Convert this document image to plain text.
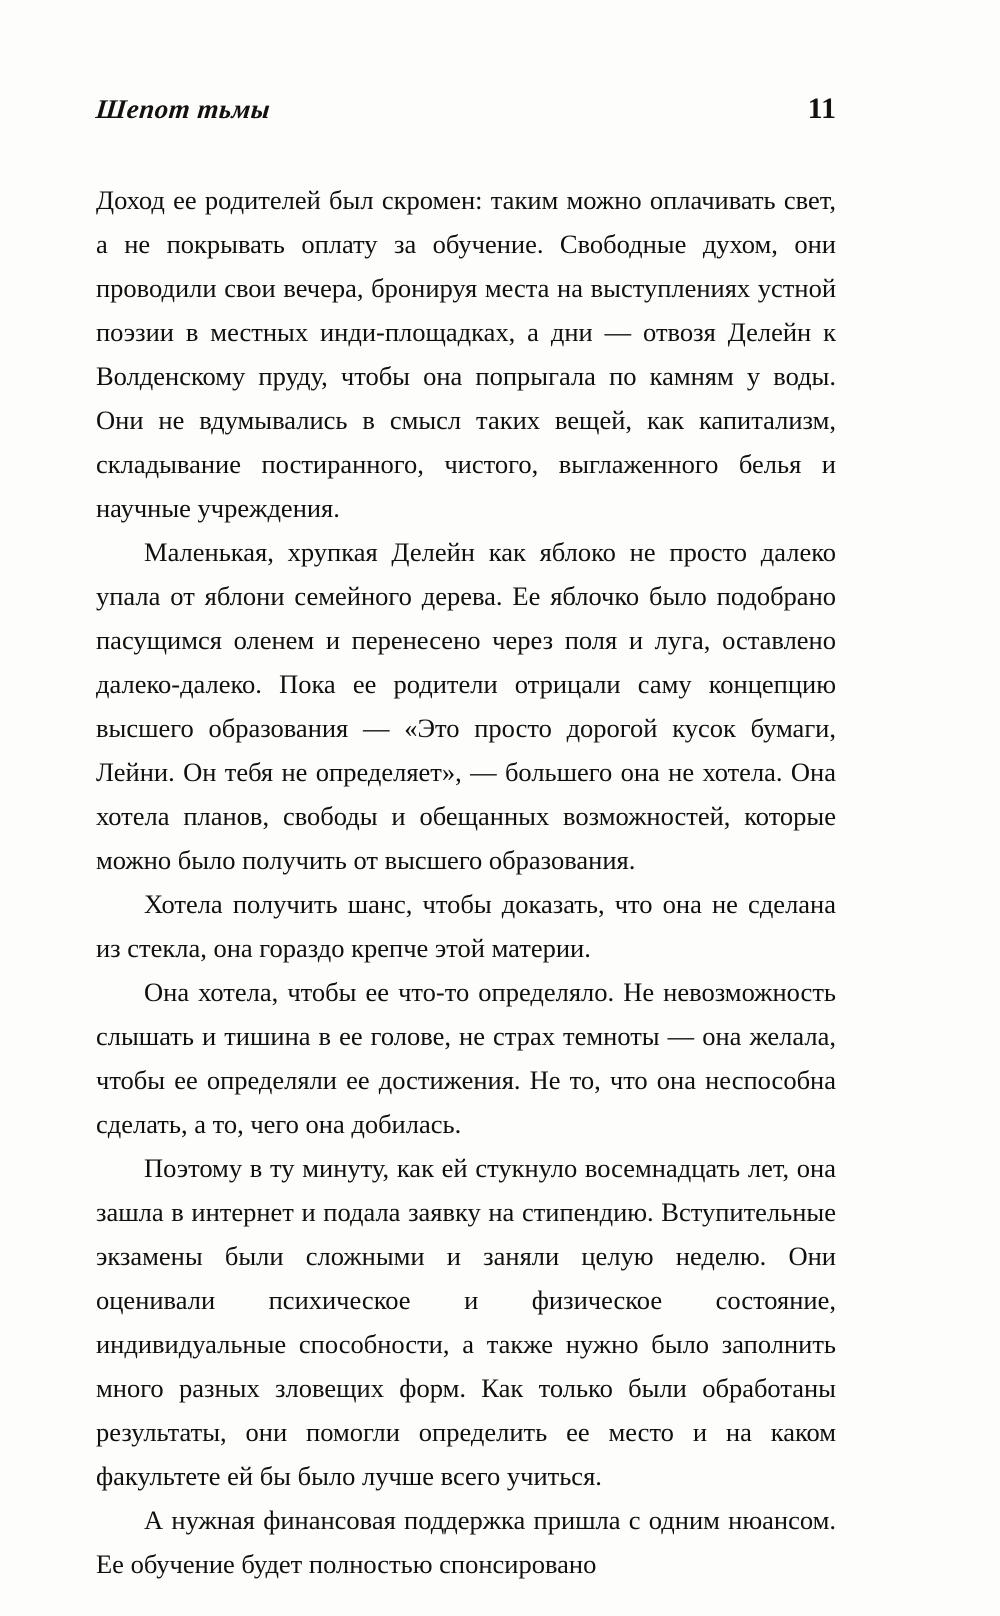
Шепот тьмы	11

Доход ее родителей был скромен: таким можно оплачивать свет, а не покрывать оплату за обучение. Свободные духом, они проводили свои вечера, бронируя места на выступлениях устной поэзии в местных инди-площадках, а дни — отвозя Делейн к Волденскому пруду, чтобы она попрыгала по камням у воды. Они не вдумывались в смысл таких вещей, как капитализм, складывание постиранного, чистого, выглаженного белья и научные учреждения.

Маленькая, хрупкая Делейн как яблоко не просто далеко упала от яблони семейного дерева. Ее яблочко было подобрано пасущимся оленем и перенесено через поля и луга, оставлено далеко-далеко. Пока ее родители отрицали саму концепцию высшего образования — «Это просто дорогой кусок бумаги, Лейни. Он тебя не определяет», — большего она не хотела. Она хотела планов, свободы и обещанных возможностей, которые можно было получить от высшего образования.

Хотела получить шанс, чтобы доказать, что она не сделана из стекла, она гораздо крепче этой материи.

Она хотела, чтобы ее что-то определяло. Не невозможность слышать и тишина в ее голове, не страх темноты — она желала, чтобы ее определяли ее достижения. Не то, что она неспособна сделать, а то, чего она добилась.

Поэтому в ту минуту, как ей стукнуло восемнадцать лет, она зашла в интернет и подала заявку на стипендию. Вступительные экзамены были сложными и заняли целую неделю. Они оценивали психическое и физическое состояние, индивидуальные способности, а также нужно было заполнить много разных зловещих форм. Как только были обработаны результаты, они помогли определить ее место и на каком факультете ей бы было лучше всего учиться.

А нужная финансовая поддержка пришла с одним нюансом. Ее обучение будет полностью спонсировано
